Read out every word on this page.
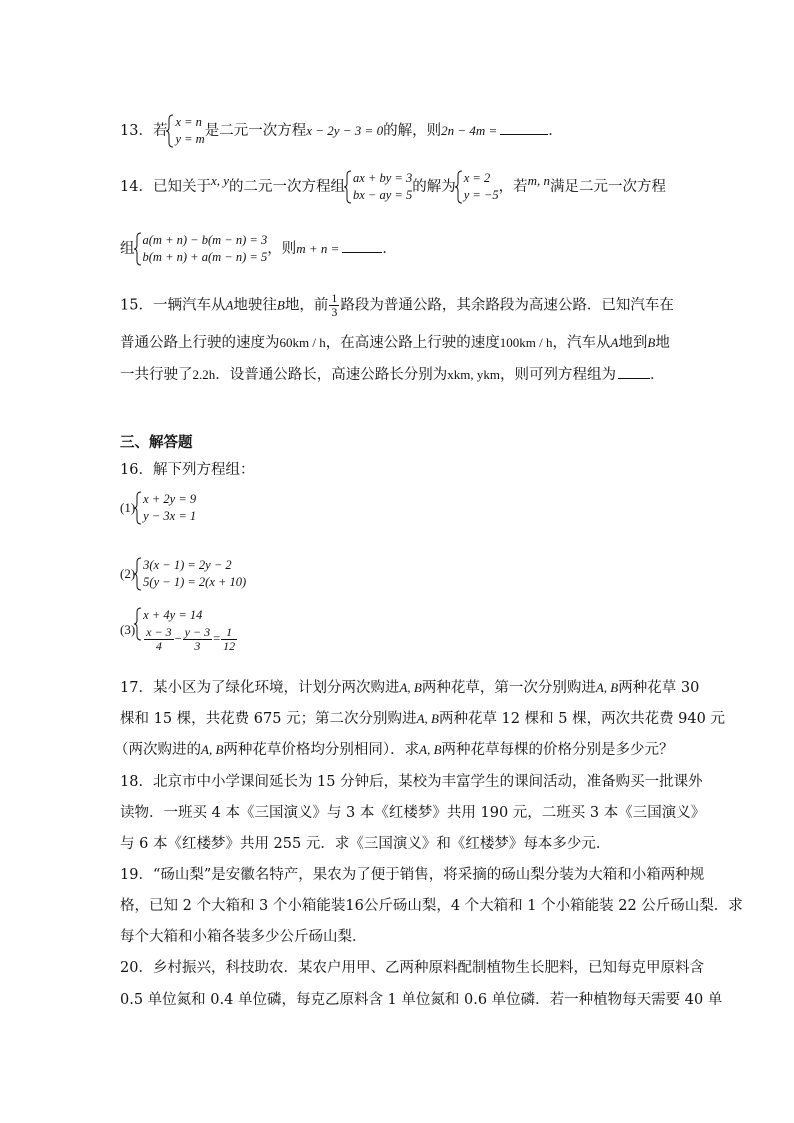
13．若
x = n
y = m 是二元一次方程x − 2y − 3 = 0的解，则2n − 4m =	．
14．已知关于x, y的二元一次方程组
ax + by = 3
bx − ay = 5 的解为
x = 2
y = −5 ，若m, n满足二元一次方程
组
a(m + n) − b(m − n) = 3
b(m + n) + a(m − n) = 5 ，则m + n =	．
15．一辆汽车从A地驶往B地，前 $\frac{1}{3}$ 路段为普通公路，其余路段为高速公路．已知汽车在
普通公路上行驶的速度为60km / h，在高速公路上行驶的速度100km / h，汽车从A地到B地
一共行驶了2.2h．设普通公路长，高速公路长分别为xkm, ykm，则可列方程组为 ．
三、解答题
16．解下列方程组：
(1)
x + 2y = 9
y − 3x = 1
(2)
3(x − 1) = 2y − 2
5(y − 1) = 2(x + 10)
(3)
x + 4y = 14
$\frac{x - 3}{4} - \frac{y - 3}{3} = \frac{1}{12}$
17．某小区为了绿化环境，计划分两次购进A, B两种花草，第一次分别购进A, B两种花草 30
棵和 15 棵，共花费 675 元；第二次分别购进A, B两种花草 12 棵和 5 棵，两次共花费 940 元
（两次购进的A, B两种花草价格均分别相同）．求A, B两种花草每棵的价格分别是多少元？
18．北京市中小学课间延长为 15 分钟后，某校为丰富学生的课间活动，准备购买一批课外
读物．一班买 4 本《三国演义》与 3 本《红楼梦》共用 190 元，二班买 3 本《三国演义》
与 6 本《红楼梦》共用 255 元．求《三国演义》和《红楼梦》每本多少元．
19．“砀山梨”是安徽名特产，果农为了便于销售，将采摘的砀山梨分装为大箱和小箱两种规
格，已知 2 个大箱和 3 个小箱能装16公斤砀山梨，4 个大箱和 1 个小箱能装 22 公斤砀山梨．求
每个大箱和小箱各装多少公斤砀山梨．
20．乡村振兴，科技助农．某农户用甲、乙两种原料配制植物生长肥料，已知每克甲原料含
0.5 单位氮和 0.4 单位磷，每克乙原料含 1 单位氮和 0.6 单位磷．若一种植物每天需要 40 单
